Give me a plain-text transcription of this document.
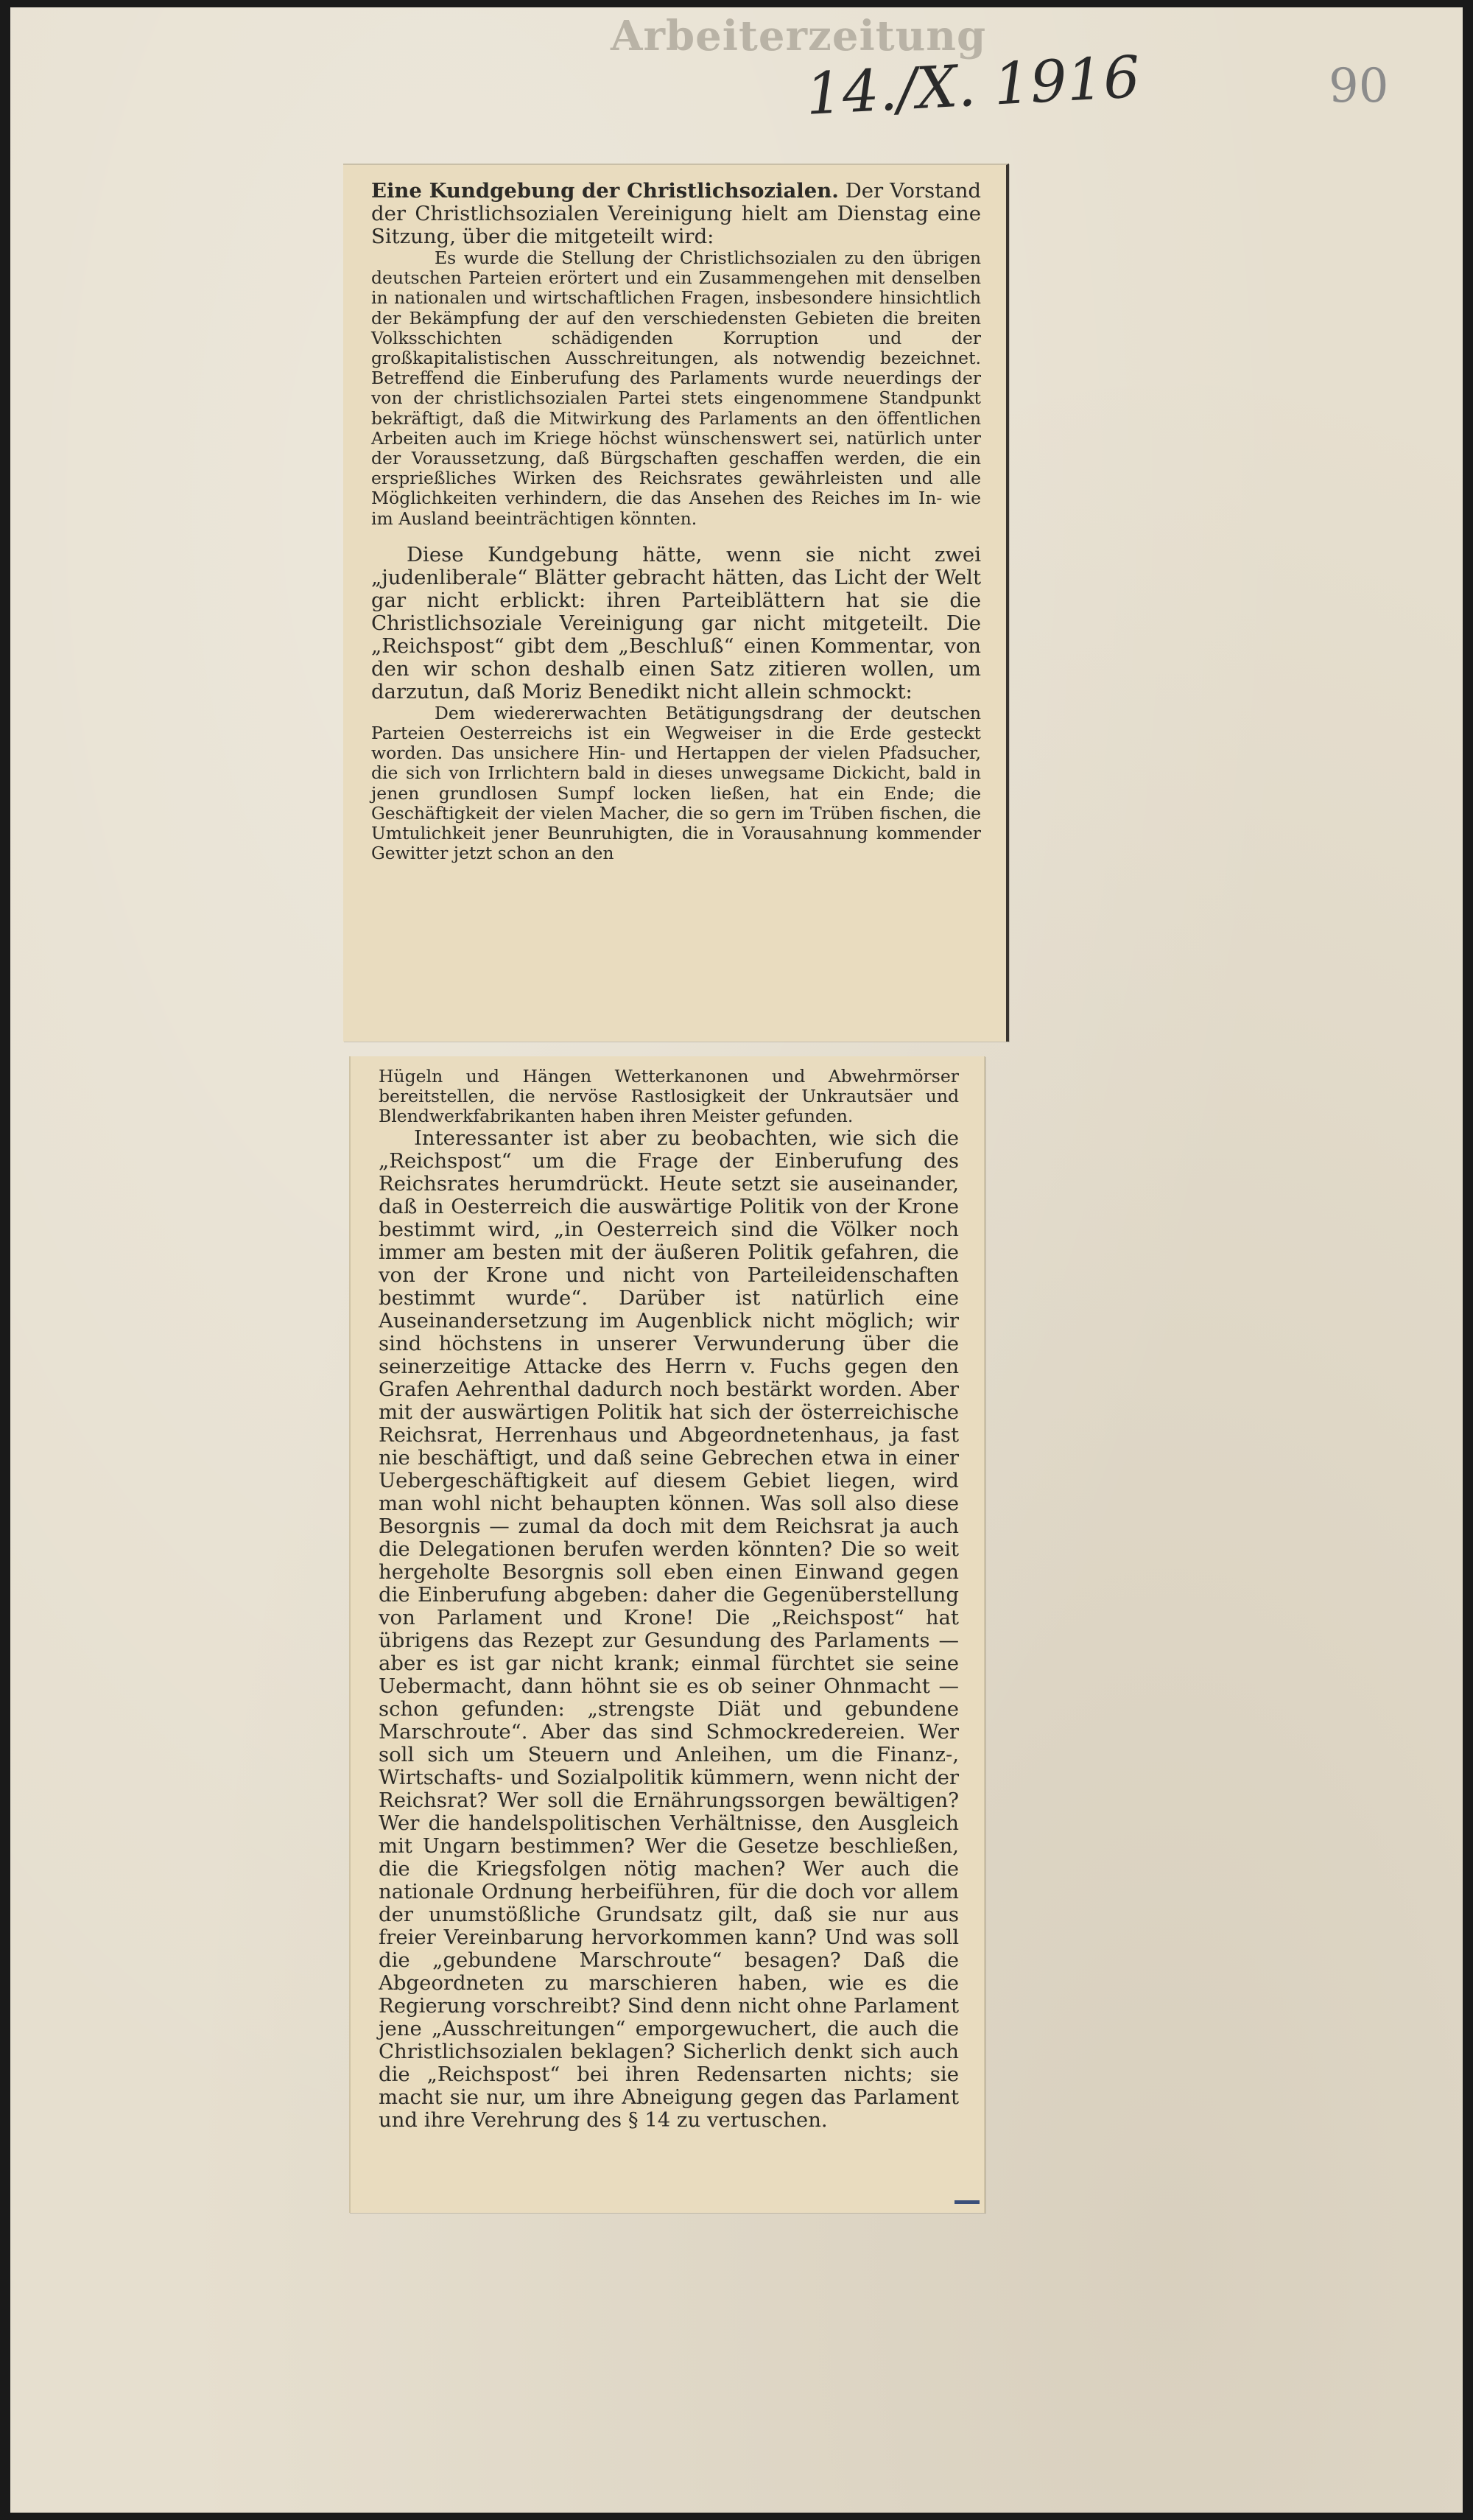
Arbeiterzeitung
14./X. 1916	90

Eine Kundgebung der Christlichsozialen. Der Vorstand der Christlichsozialen Vereinigung hielt am Dienstag eine Sitzung, über die mitgeteilt wird:

Es wurde die Stellung der Christlichsozialen zu den übrigen deutschen Parteien erörtert und ein Zusammengehen mit denselben in nationalen und wirtschaftlichen Fragen, insbesondere hinsichtlich der Bekämpfung der auf den verschiedensten Gebieten die breiten Volksschichten schädigenden Korruption und der großkapitalistischen Ausschreitungen, als notwendig bezeichnet. Betreffend die Einberufung des Parlaments wurde neuerdings der von der christlichsozialen Partei stets eingenommene Standpunkt bekräftigt, daß die Mitwirkung des Parlaments an den öffentlichen Arbeiten auch im Kriege höchst wünschenswert sei, natürlich unter der Voraussetzung, daß Bürgschaften geschaffen werden, die ein ersprießliches Wirken des Reichsrates gewährleisten und alle Möglichkeiten verhindern, die das Ansehen des Reiches im In- wie im Ausland beeinträchtigen könnten.

Diese Kundgebung hätte, wenn sie nicht zwei „judenliberale“ Blätter gebracht hätten, das Licht der Welt gar nicht erblickt: ihren Parteiblättern hat sie die Christlichsoziale Vereinigung gar nicht mitgeteilt. Die „Reichspost“ gibt dem „Beschluß“ einen Kommentar, von den wir schon deshalb einen Satz zitieren wollen, um darzutun, daß Moriz Benedikt nicht allein schmockt:

Dem wiedererwachten Betätigungsdrang der deutschen Parteien Oesterreichs ist ein Wegweiser in die Erde gesteckt worden. Das unsichere Hin- und Hertappen der vielen Pfadsucher, die sich von Irrlichtern bald in dieses unwegsame Dickicht, bald in jenen grundlosen Sumpf locken ließen, hat ein Ende; die Geschäftigkeit der vielen Macher, die so gern im Trüben fischen, die Umtulichkeit jener Beunruhigten, die in Vorausahnung kommender Gewitter jetzt schon an den

Hügeln und Hängen Wetterkanonen und Abwehrmörser bereitstellen, die nervöse Rastlosigkeit der Unkrautsäer und Blendwerkfabrikanten haben ihren Meister gefunden.

Interessanter ist aber zu beobachten, wie sich die „Reichspost“ um die Frage der Einberufung des Reichsrates herumdrückt. Heute setzt sie auseinander, daß in Oesterreich die auswärtige Politik von der Krone bestimmt wird, „in Oesterreich sind die Völker noch immer am besten mit der äußeren Politik gefahren, die von der Krone und nicht von Parteileidenschaften bestimmt wurde“. Darüber ist natürlich eine Auseinandersetzung im Augenblick nicht möglich; wir sind höchstens in unserer Verwunderung über die seinerzeitige Attacke des Herrn v. Fuchs gegen den Grafen Aehrenthal dadurch noch bestärkt worden. Aber mit der auswärtigen Politik hat sich der österreichische Reichsrat, Herrenhaus und Abgeordnetenhaus, ja fast nie beschäftigt, und daß seine Gebrechen etwa in einer Uebergeschäftigkeit auf diesem Gebiet liegen, wird man wohl nicht behaupten können. Was soll also diese Besorgnis — zumal da doch mit dem Reichsrat ja auch die Delegationen berufen werden könnten? Die so weit hergeholte Besorgnis soll eben einen Einwand gegen die Einberufung abgeben: daher die Gegenüberstellung von Parlament und Krone! Die „Reichspost“ hat übrigens das Rezept zur Gesundung des Parlaments — aber es ist gar nicht krank; einmal fürchtet sie seine Uebermacht, dann höhnt sie es ob seiner Ohnmacht — schon gefunden: „strengste Diät und gebundene Marschroute“. Aber das sind Schmockredereien. Wer soll sich um Steuern und Anleihen, um die Finanz-, Wirtschafts- und Sozialpolitik kümmern, wenn nicht der Reichsrat? Wer soll die Ernährungssorgen bewältigen? Wer die handelspolitischen Verhältnisse, den Ausgleich mit Ungarn bestimmen? Wer die Gesetze beschließen, die die Kriegsfolgen nötig machen? Wer auch die nationale Ordnung herbeiführen, für die doch vor allem der unumstößliche Grundsatz gilt, daß sie nur aus freier Vereinbarung hervorkommen kann? Und was soll die „gebundene Marschroute“ besagen? Daß die Abgeordneten zu marschieren haben, wie es die Regierung vorschreibt? Sind denn nicht ohne Parlament jene „Ausschreitungen“ emporgewuchert, die auch die Christlichsozialen beklagen? Sicherlich denkt sich auch die „Reichspost“ bei ihren Redensarten nichts; sie macht sie nur, um ihre Abneigung gegen das Parlament und ihre Verehrung des § 14 zu vertuschen.
